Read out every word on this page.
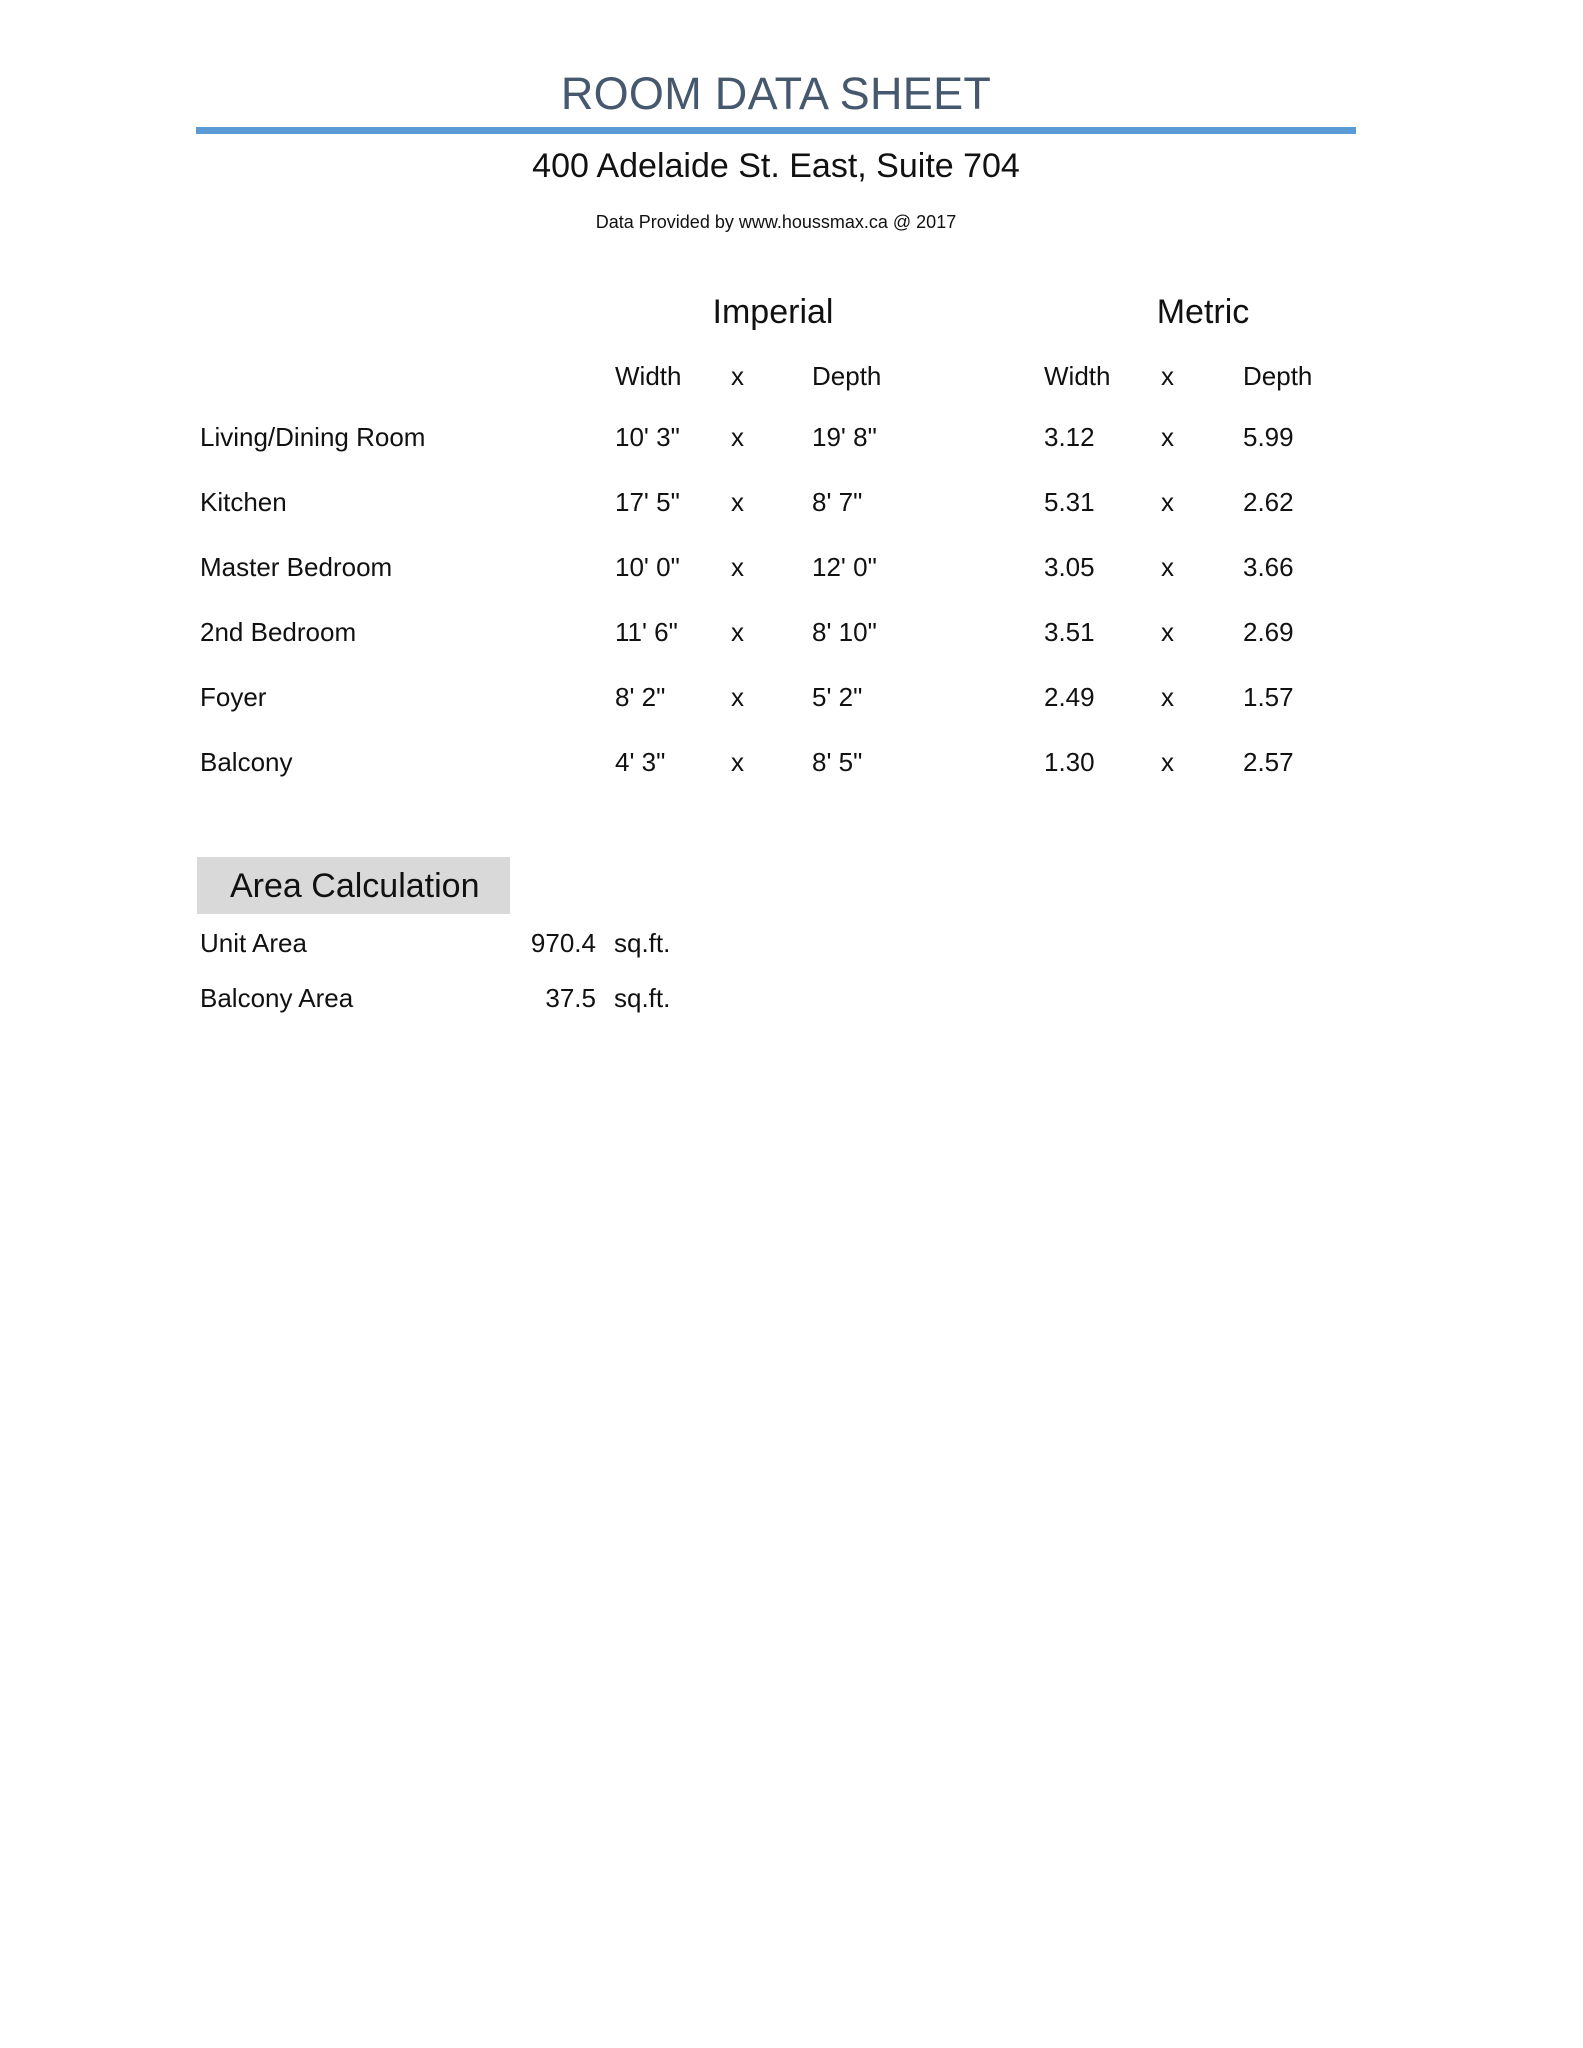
ROOM DATA SHEET
400 Adelaide St. East, Suite 704
Data Provided by www.houssmax.ca @ 2017
Imperial	Metric
Width x	Depth	Width x	Depth
Living/Dining Room	10' 3" x	19' 8"	3.12	x	5.99
Kitchen	17' 5" x	8' 7"	5.31	x	2.62
Master Bedroom	10' 0" x	12' 0"	3.05	x	3.66
2nd Bedroom	11' 6" x	8' 10"	3.51	x	2.69
Foyer	8' 2"	x	5' 2"	2.49	x	1.57
Balcony	4' 3"	x	8' 5"	1.30	x	2.57
Area Calculation
Unit Area	970.4 sq.ft.
Balcony Area	37.5 sq.ft.
